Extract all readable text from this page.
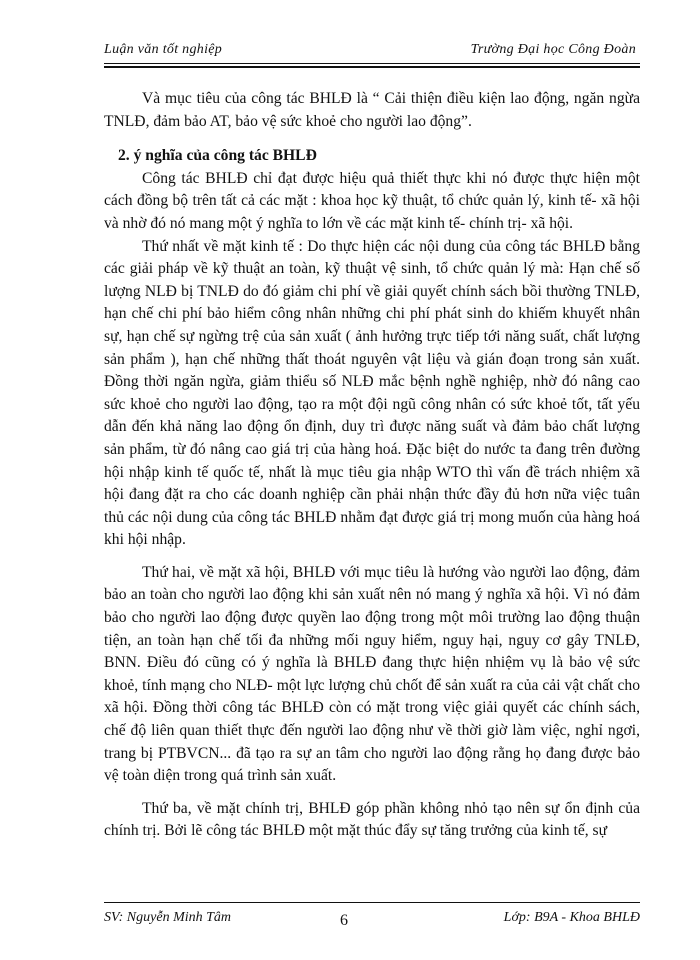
Luận văn tốt nghiệp	Trường Đại học Công Đoàn

Và mục tiêu của công tác BHLĐ là “ Cải thiện điều kiện lao động, ngăn ngừa TNLĐ, đảm bảo AT, bảo vệ sức khoẻ cho người lao động”.

2. ý nghĩa của công tác BHLĐ

Công tác BHLĐ chỉ đạt được hiệu quả thiết thực khi nó được thực hiện một cách đồng bộ trên tất cả các mặt : khoa học kỹ thuật, tổ chức quản lý, kinh tế- xã hội và nhờ đó nó mang một ý nghĩa to lớn về các mặt kinh tế- chính trị- xã hội.

Thứ nhất về mặt kinh tế : Do thực hiện các nội dung của công tác BHLĐ bằng các giải pháp về kỹ thuật an toàn, kỹ thuật vệ sinh, tổ chức quản lý mà: Hạn chế số lượng NLĐ bị TNLĐ do đó giảm chi phí về giải quyết chính sách bồi thường TNLĐ, hạn chế chi phí bảo hiểm công nhân những chi phí phát sinh do khiếm khuyết nhân sự, hạn chế sự ngừng trệ của sản xuất ( ảnh hưởng trực tiếp tới năng suất, chất lượng sản phẩm ), hạn chế những thất thoát nguyên vật liệu và gián đoạn trong sản xuất. Đồng thời ngăn ngừa, giảm thiểu số NLĐ mắc bệnh nghề nghiệp, nhờ đó nâng cao sức khoẻ cho người lao động, tạo ra một đội ngũ công nhân có sức khoẻ tốt, tất yếu dẫn đến khả năng lao động ổn định, duy trì được năng suất và đảm bảo chất lượng sản phẩm, từ đó nâng cao giá trị của hàng hoá. Đặc biệt do nước ta đang trên đường hội nhập kinh tế quốc tế, nhất là mục tiêu gia nhập WTO thì vấn đề trách nhiệm xã hội đang đặt ra cho các doanh nghiệp cần phải nhận thức đầy đủ hơn nữa việc tuân thủ các nội dung của công tác BHLĐ nhằm đạt được giá trị mong muốn của hàng hoá khi hội nhập.

Thứ hai, về mặt xã hội, BHLĐ với mục tiêu là hướng vào người lao động, đảm bảo an toàn cho người lao động khi sản xuất nên nó mang ý nghĩa xã hội. Vì nó đảm bảo cho người lao động được quyền lao động trong một môi trường lao động thuận tiện, an toàn hạn chế tối đa những mối nguy hiểm, nguy hại, nguy cơ gây TNLĐ, BNN. Điều đó cũng có ý nghĩa là BHLĐ đang thực hiện nhiệm vụ là bảo vệ sức khoẻ, tính mạng cho NLĐ- một lực lượng chủ chốt để sản xuất ra của cải vật chất cho xã hội. Đồng thời công tác BHLĐ còn có mặt trong việc giải quyết các chính sách, chế độ liên quan thiết thực đến người lao động như về thời giờ làm việc, nghỉ ngơi, trang bị PTBVCN... đã tạo ra sự an tâm cho người lao động rằng họ đang được bảo vệ toàn diện trong quá trình sản xuất.

Thứ ba, về mặt chính trị, BHLĐ góp phần không nhỏ tạo nên sự ổn định của chính trị. Bởi lẽ công tác BHLĐ một mặt thúc đẩy sự tăng trưởng của kinh tế, sự

SV: Nguyễn Minh Tâm	6	Lớp: B9A - Khoa BHLĐ
